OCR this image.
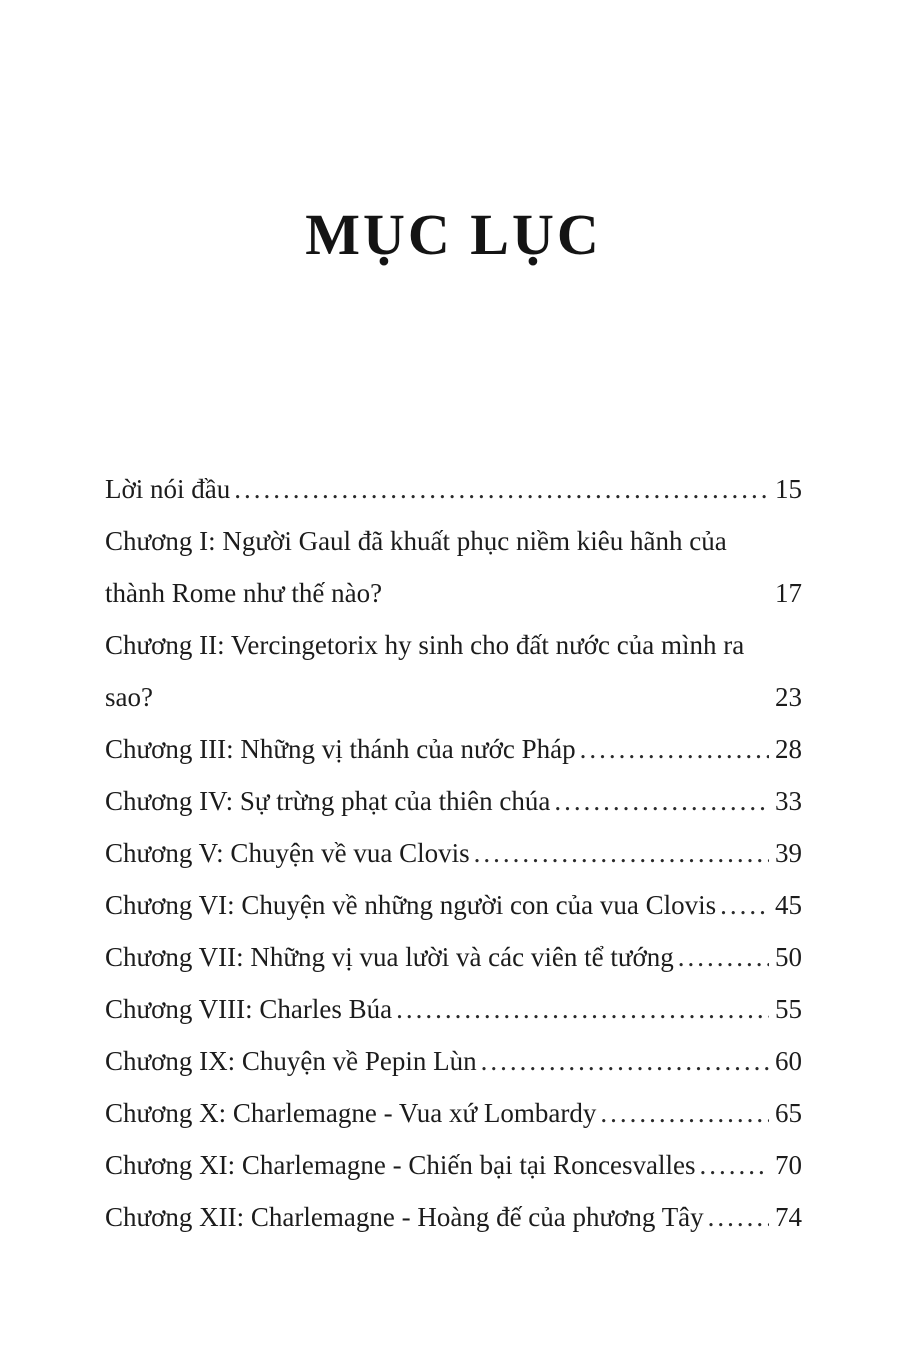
MỤC LỤC

Lời nói đầu .....	15

Chương I: Người Gaul đã khuất phục niềm kiêu hãnh của thành Rome như thế nào? .....	17

Chương II: Vercingetorix hy sinh cho đất nước của mình ra sao? .....	23

Chương III: Những vị thánh của nước Pháp .....	28

Chương IV: Sự trừng phạt của thiên chúa .....	33

Chương V: Chuyện về vua Clovis .....	39

Chương VI: Chuyện về những người con của vua Clovis ..... 45

Chương VII: Những vị vua lười và các viên tể tướng .....	50

Chương VIII: Charles Búa .....	55

Chương IX: Chuyện về Pepin Lùn .....	60

Chương X: Charlemagne - Vua xứ Lombardy .....	65

Chương XI: Charlemagne - Chiến bại tại Roncesvalles .....	70

Chương XII: Charlemagne - Hoàng đế của phương Tây .....	74
